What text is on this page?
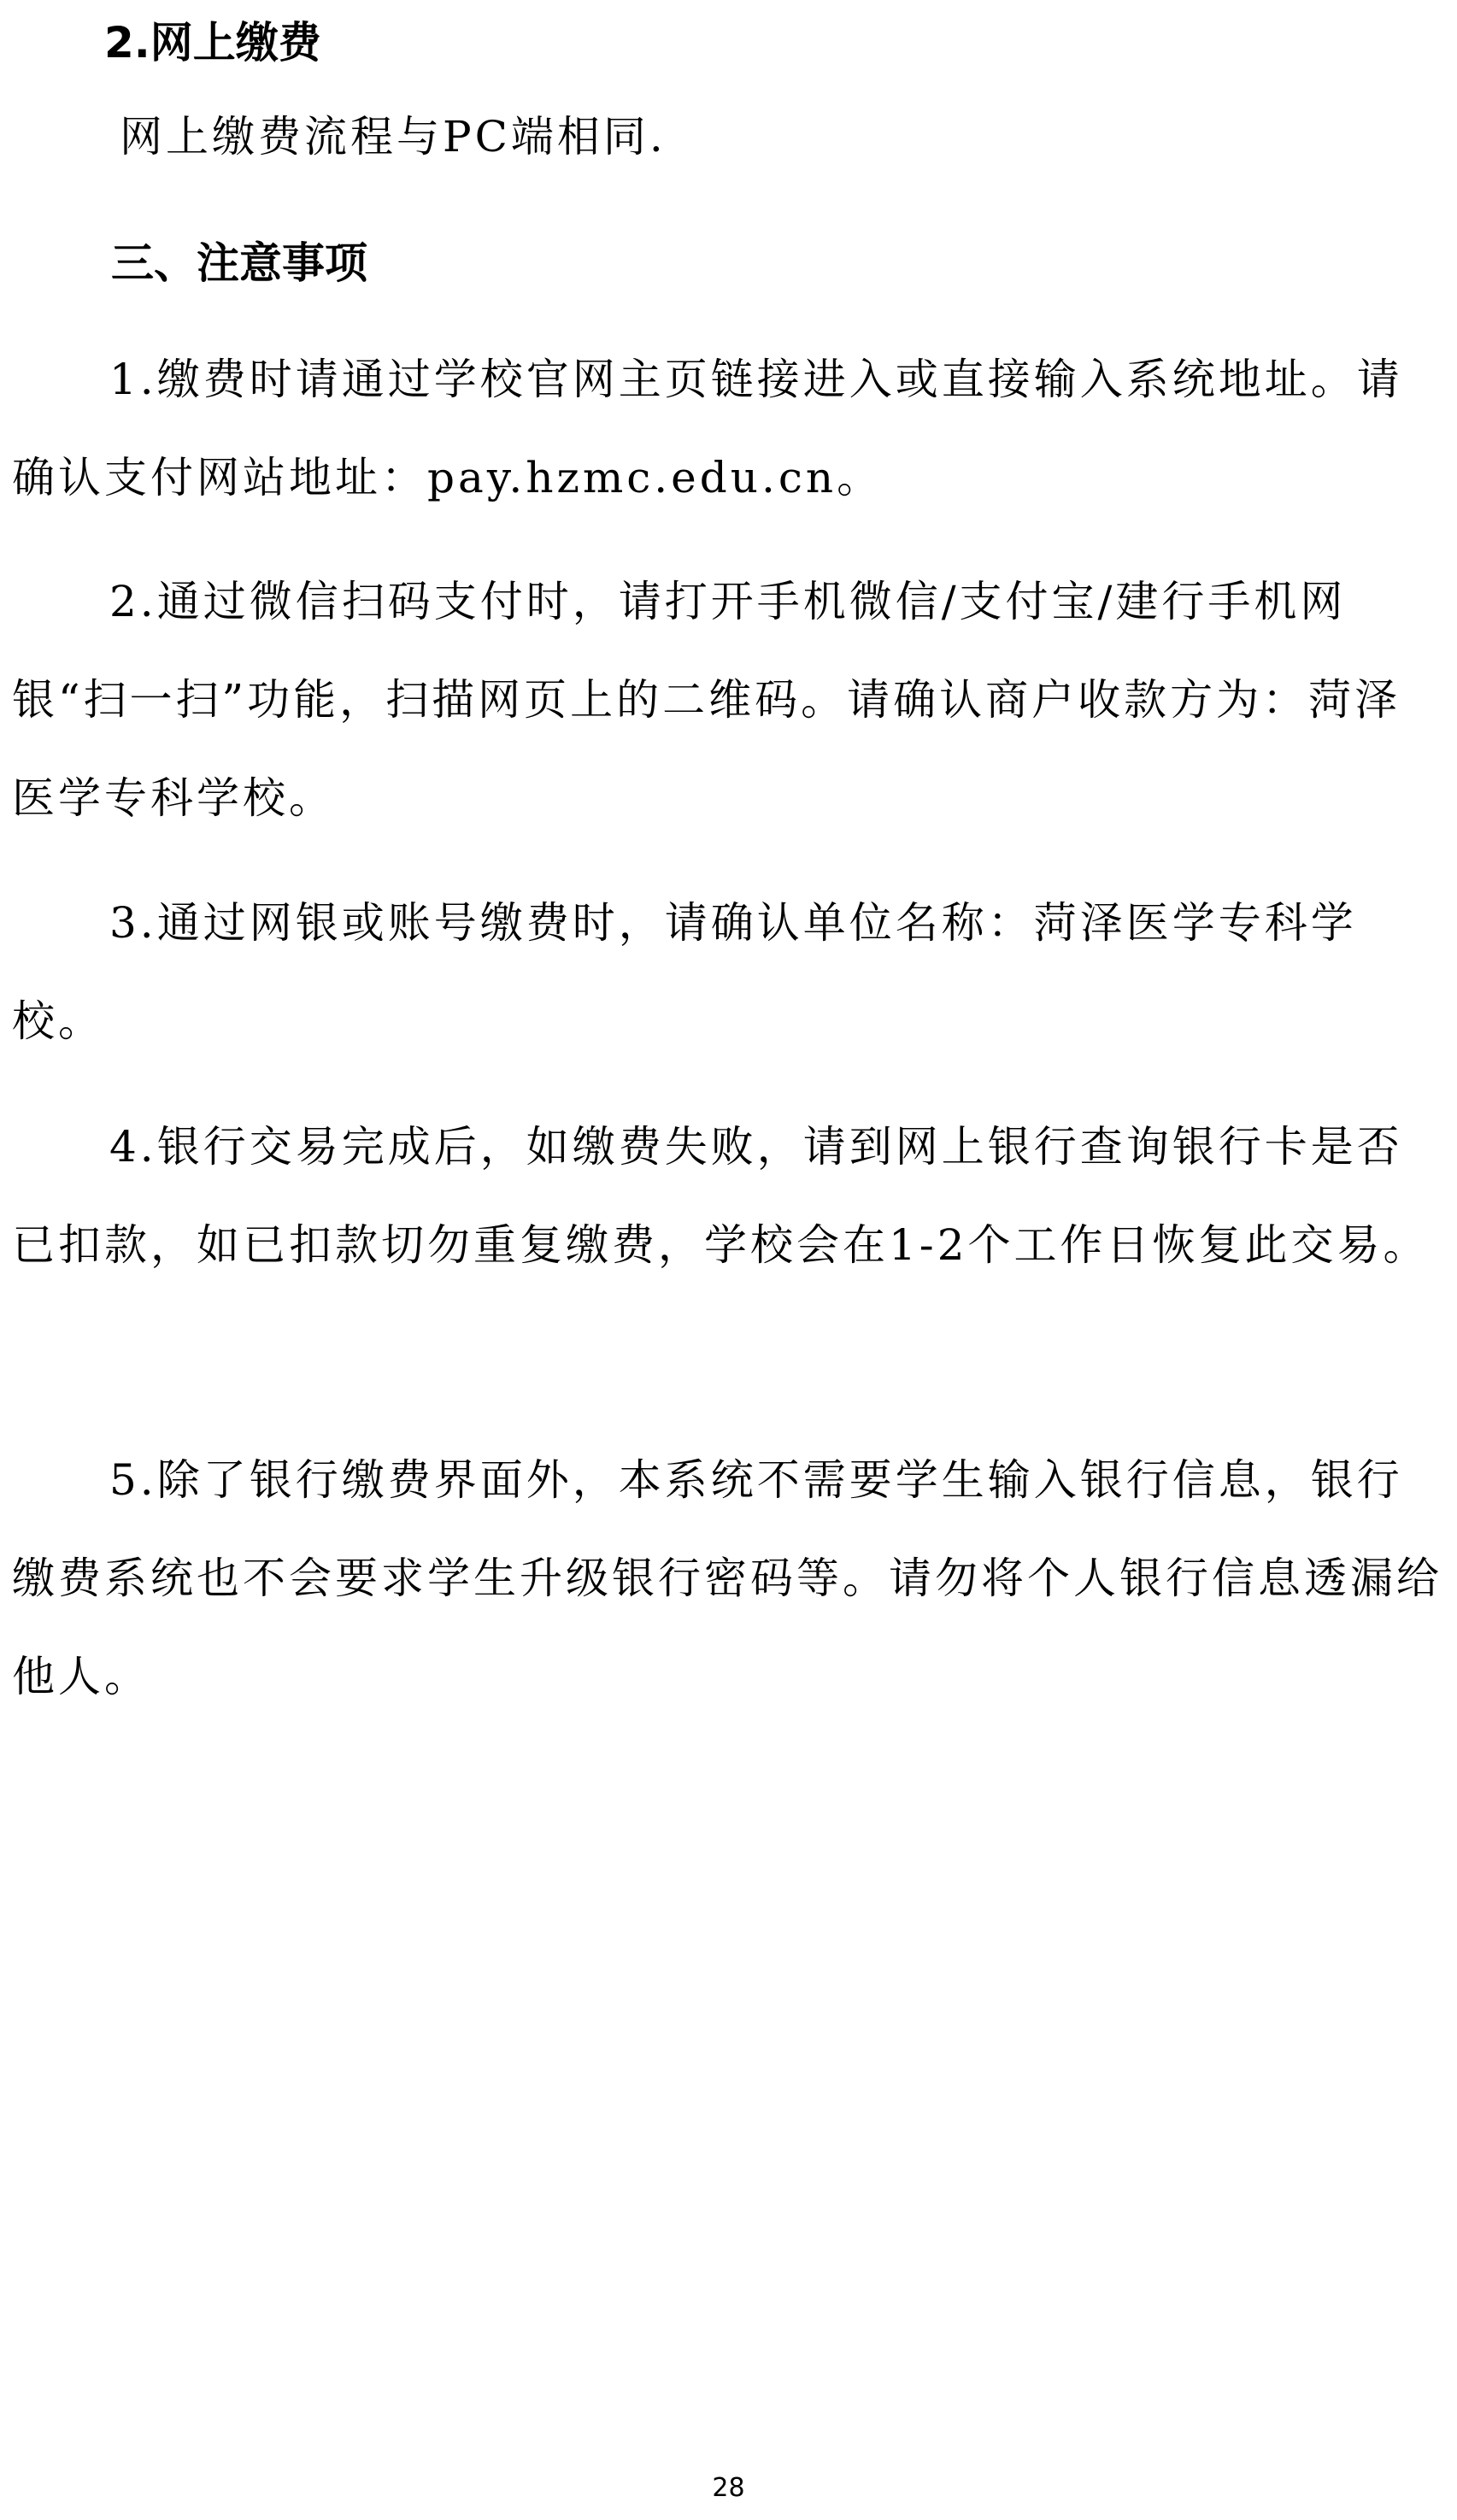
2.网上缴费

网上缴费流程与PC端相同.

三、注意事项

1.缴费时请通过学校官网主页链接进入或直接输入系统地址。请确认支付网站地址：pay.hzmc.edu.cn。

2.通过微信扫码支付时，请打开手机微信/支付宝/建行手机网银“扫一扫”功能，扫描网页上的二维码。请确认商户收款方为：菏泽医学专科学校。

3.通过网银或账号缴费时，请确认单位名称：菏泽医学专科学校。

4.银行交易完成后，如缴费失败，请到网上银行查询银行卡是否已扣款，如已扣款切勿重复缴费，学校会在1-2个工作日恢复此交易。

5.除了银行缴费界面外，本系统不需要学生输入银行信息，银行缴费系统也不会要求学生升级银行密码等。请勿将个人银行信息透漏给他人。

28
